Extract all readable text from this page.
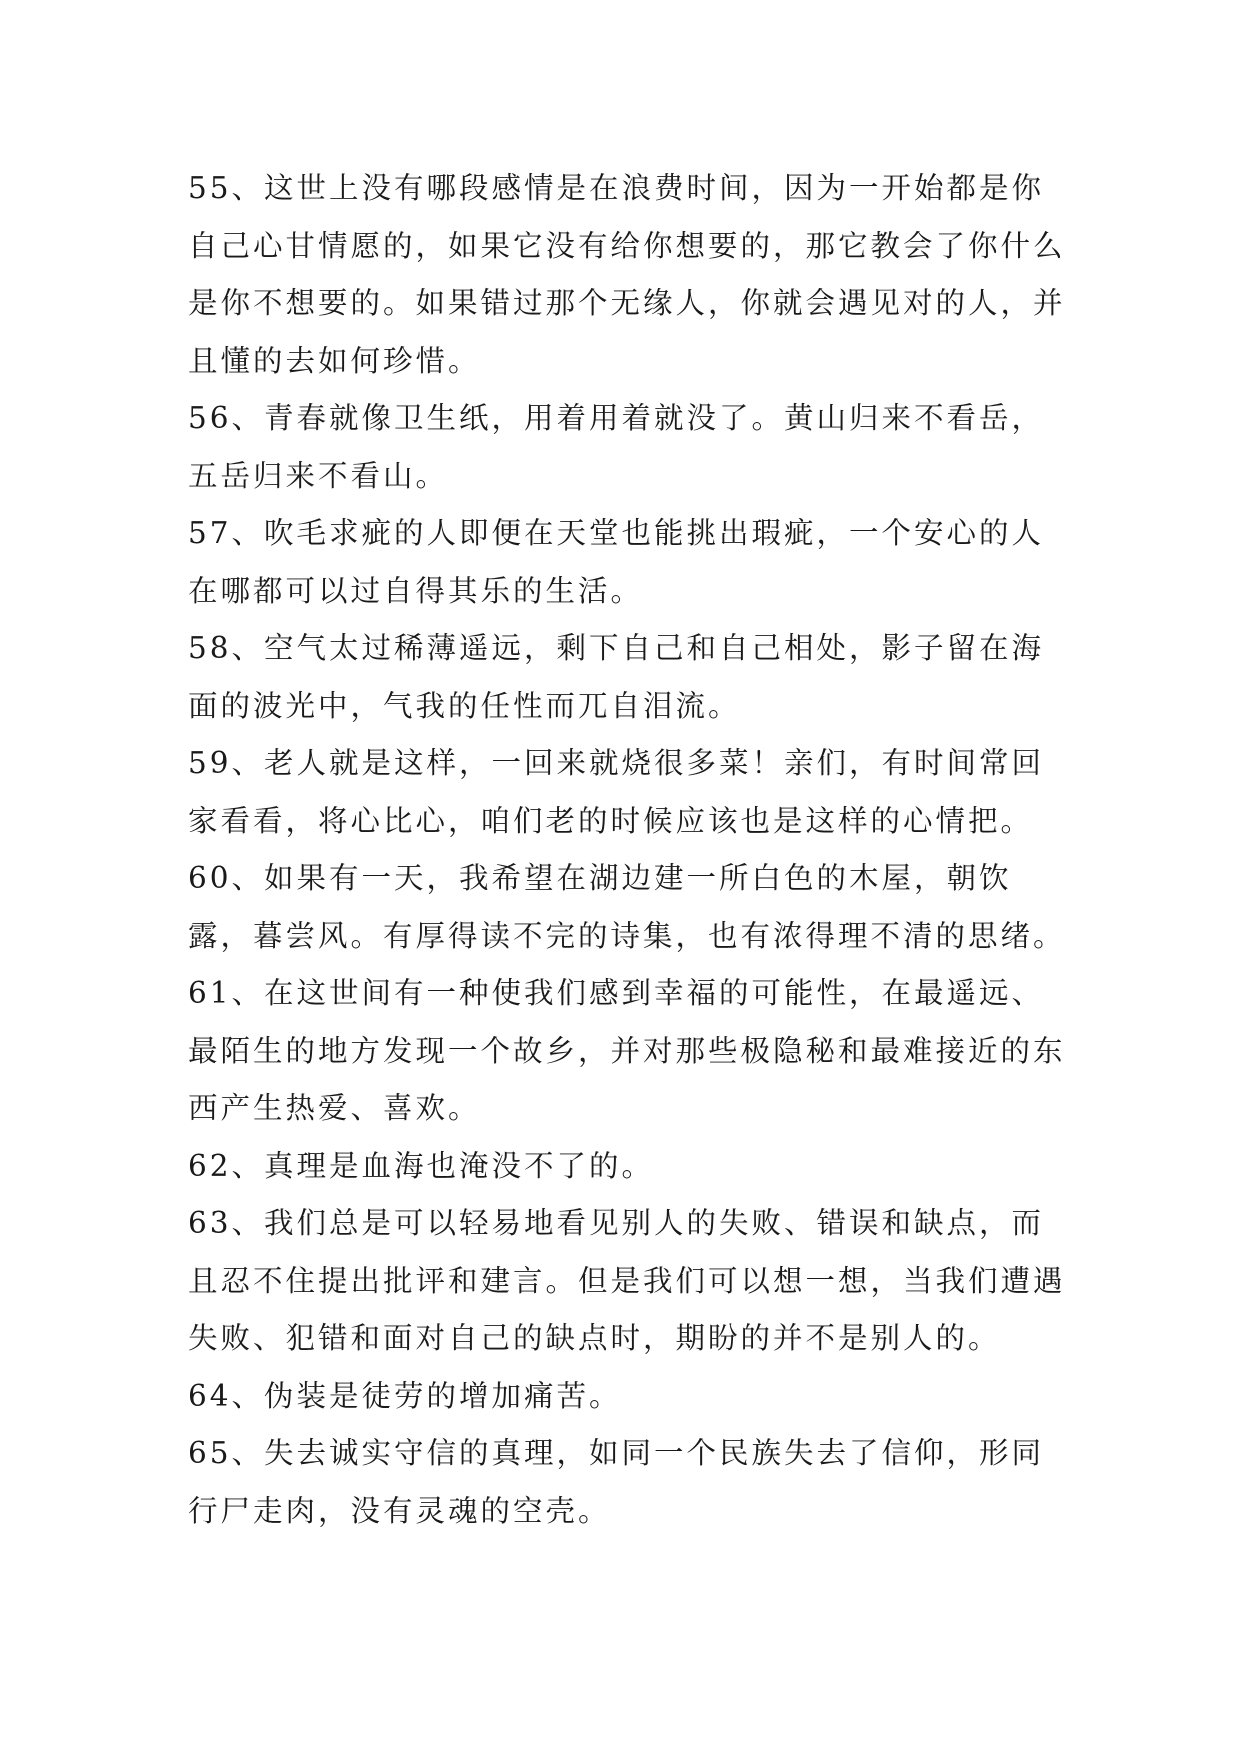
55、这世上没有哪段感情是在浪费时间，因为一开始都是你自己心甘情愿的，如果它没有给你想要的，那它教会了你什么是你不想要的。如果错过那个无缘人，你就会遇见对的人，并且懂的去如何珍惜。

56、青春就像卫生纸，用着用着就没了。黄山归来不看岳，五岳归来不看山。

57、吹毛求疵的人即便在天堂也能挑出瑕疵，一个安心的人在哪都可以过自得其乐的生活。

58、空气太过稀薄遥远，剩下自己和自己相处，影子留在海面的波光中，气我的任性而兀自泪流。

59、老人就是这样，一回来就烧很多菜！亲们，有时间常回家看看，将心比心，咱们老的时候应该也是这样的心情把。

60、如果有一天，我希望在湖边建一所白色的木屋，朝饮露，暮尝风。有厚得读不完的诗集，也有浓得理不清的思绪。

61、在这世间有一种使我们感到幸福的可能性，在最遥远、最陌生的地方发现一个故乡，并对那些极隐秘和最难接近的东西产生热爱、喜欢。

62、真理是血海也淹没不了的。

63、我们总是可以轻易地看见别人的失败、错误和缺点，而且忍不住提出批评和建言。但是我们可以想一想，当我们遭遇失败、犯错和面对自己的缺点时，期盼的并不是别人的。

64、伪装是徒劳的增加痛苦。

65、失去诚实守信的真理，如同一个民族失去了信仰，形同行尸走肉，没有灵魂的空壳。
